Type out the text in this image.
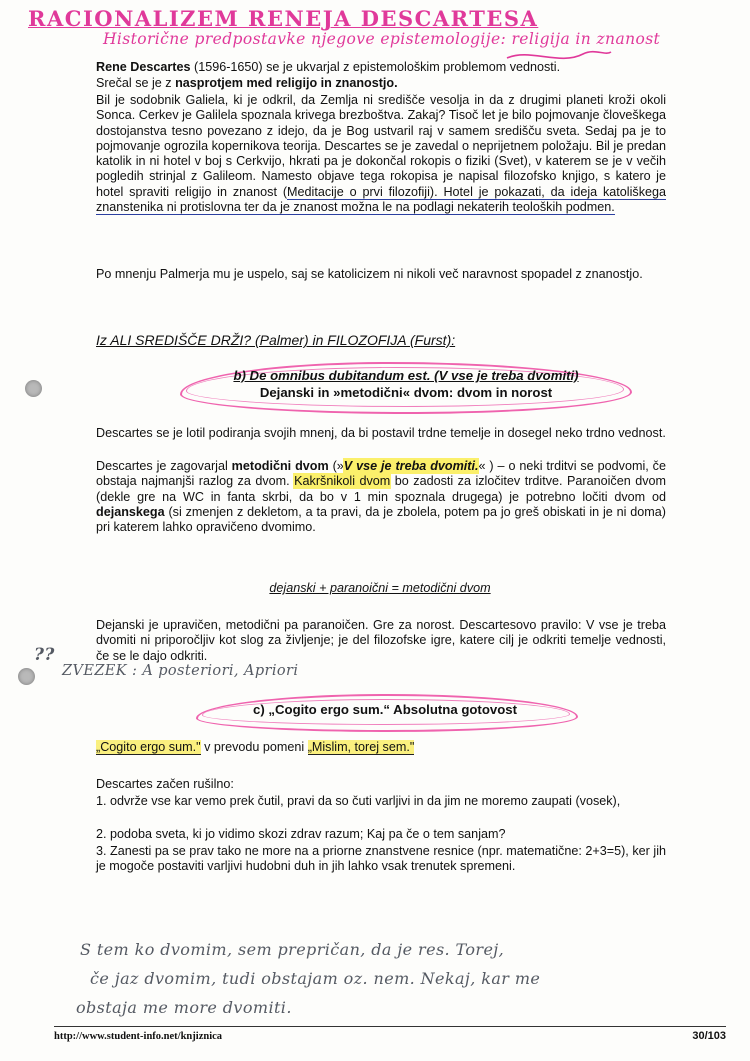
RACIONALIZEM RENEJA DESCARTESA
Historične predpostavke njegove epistemologije: religija in znanost
Rene Descartes (1596-1650) se je ukvarjal z epistemološkim problemom vednosti.
Srečal se je z nasprotjem med religijo in znanostjo.
Bil je sodobnik Galiela, ki je odkril, da Zemlja ni središče vesolja in da z drugimi planeti kroži okoli Sonca. Cerkev je Galilela spoznala krivega brezboštva. Zakaj? Tisoč let je bilo pojmovanje človeškega dostojanstva tesno povezano z idejo, da je Bog ustvaril raj v samem središču sveta. Sedaj pa je to pojmovanje ogrozila kopernikova teorija. Descartes se je zavedal o neprijetnem položaju. Bil je predan katolik in ni hotel v boj s Cerkvijo, hkrati pa je dokončal rokopis o fiziki (Svet), v katerem se je v večih pogledih strinjal z Galileom. Namesto objave tega rokopisa je napisal filozofsko knjigo, s katero je hotel spraviti religijo in znanost (Meditacije o prvi filozofiji). Hotel je pokazati, da ideja katoliškega znanstenika ni protislovna ter da je znanost možna le na podlagi nekaterih teoloških podmen.
Po mnenju Palmerja mu je uspelo, saj se katolicizem ni nikoli več naravnost spopadel z znanostjo.
Iz ALI SREDIŠČE DRŽI? (Palmer) in FILOZOFIJA (Furst):
b) De omnibus dubitandum est. (V vse je treba dvomiti)
Dejanski in »metodični« dvom: dvom in norost
Descartes se je lotil podiranja svojih mnenj, da bi postavil trdne temelje in dosegel neko trdno vednost.
Descartes je zagovarjal metodični dvom (»V vse je treba dvomiti.« ) – o neki trditvi se podvomi, če obstaja najmanjši razlog za dvom. Kakršnikoli dvom bo zadosti za izločitev trditve. Paranoičen dvom (dekle gre na WC in fanta skrbi, da bo v 1 min spoznala drugega) je potrebno ločiti dvom od dejanskega (si zmenjen z dekletom, a ta pravi, da je zbolela, potem pa jo greš obiskati in je ni doma) pri katerem lahko opravičeno dvomimo.
dejanski + paranoični = metodični dvom
Dejanski je upravičen, metodični pa paranoičen. Gre za norost. Descartesovo pravilo: V vse je treba dvomiti ni priporočljiv kot slog za življenje; je del filozofske igre, katere cilj je odkriti temelje vednosti, če se le dajo odkriti.
??
ZVEZEK : A posteriori, Apriori
c) „Cogito ergo sum.“ Absolutna gotovost
„Cogito ergo sum." v prevodu pomeni „Mislim, torej sem."
Descartes začen rušilno:
1. odvrže vse kar vemo prek čutil, pravi da so čuti varljivi in da jim ne moremo zaupati (vosek),
2. podoba sveta, ki jo vidimo skozi zdrav razum; Kaj pa če o tem sanjam?
3. Zanesti pa se prav tako ne more na a priorne znanstvene resnice (npr. matematične: 2+3=5), ker jih je mogoče postaviti varljivi hudobni duh in jih lahko vsak trenutek spremeni.
S tem ko dvomim, sem prepričan, da je res. Torej,
če jaz dvomim, tudi obstajam oz. nem. Nekaj, kar me
obstaja me more dvomiti.
http://www.student-info.net/knjiznica	30/103
